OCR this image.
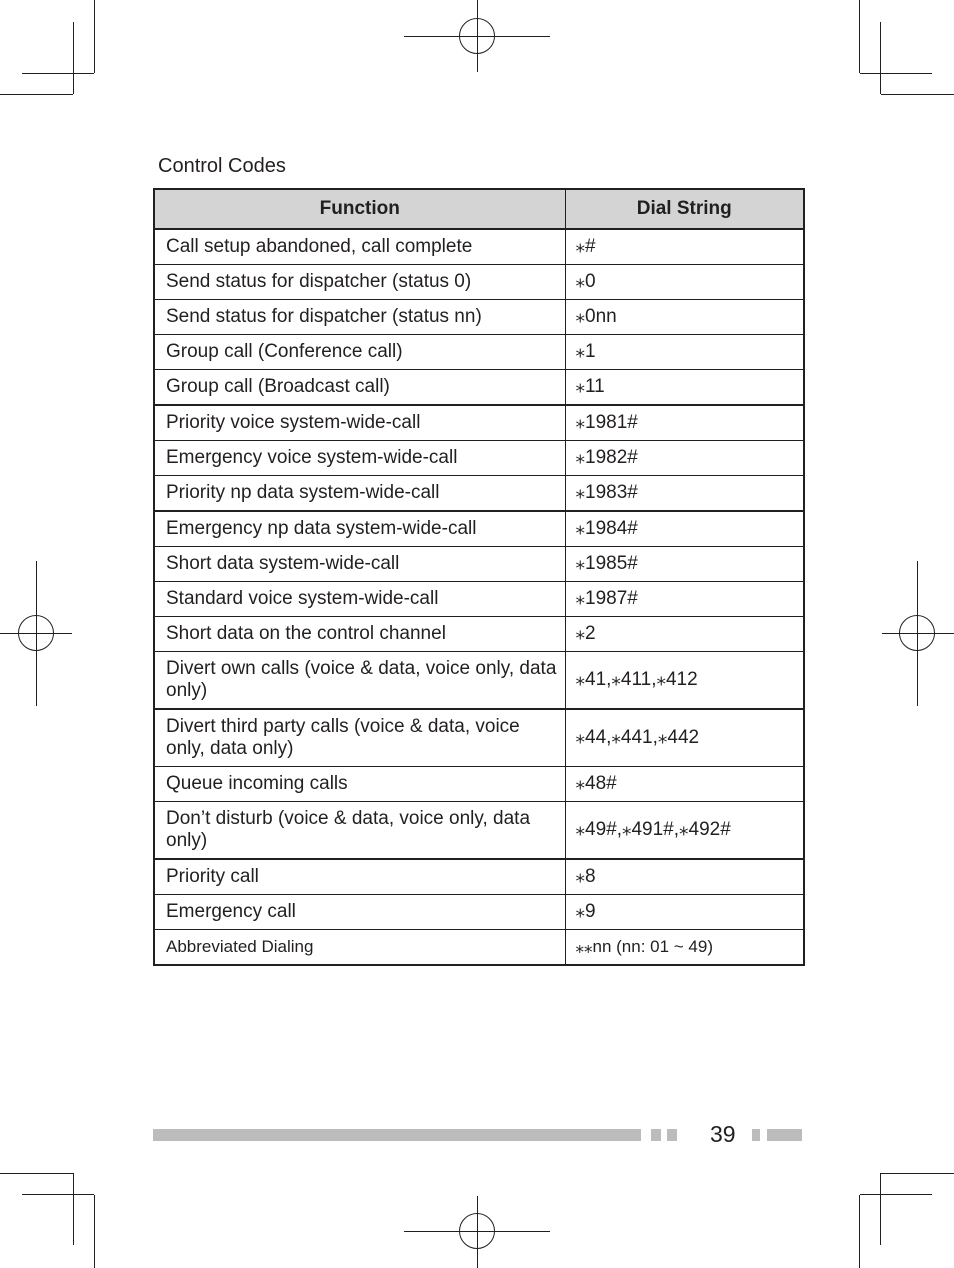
Control Codes
Function	Dial String
Call setup abandoned, call complete	⁎#
Send status for dispatcher (status 0)	⁎0
Send status for dispatcher (status nn)	⁎0nn
Group call (Conference call)	⁎1
Group call (Broadcast call)	⁎11
Priority voice system-wide-call	⁎1981#
Emergency voice system-wide-call	⁎1982#
Priority np data system-wide-call	⁎1983#
Emergency np data system-wide-call	⁎1984#
Short data system-wide-call	⁎1985#
Standard voice system-wide-call	⁎1987#
Short data on the control channel	⁎2
Divert own calls (voice & data, voice only, data only)	⁎41,⁎411,⁎412
Divert third party calls (voice & data, voice only, data only)	⁎44,⁎441,⁎442
Queue incoming calls	⁎48#
Don’t disturb (voice & data, voice only, data only)	⁎49#,⁎491#,⁎492#
Priority call	⁎8
Emergency call	⁎9
Abbreviated Dialing	⁎⁎nn (nn: 01 ~ 49)
39
